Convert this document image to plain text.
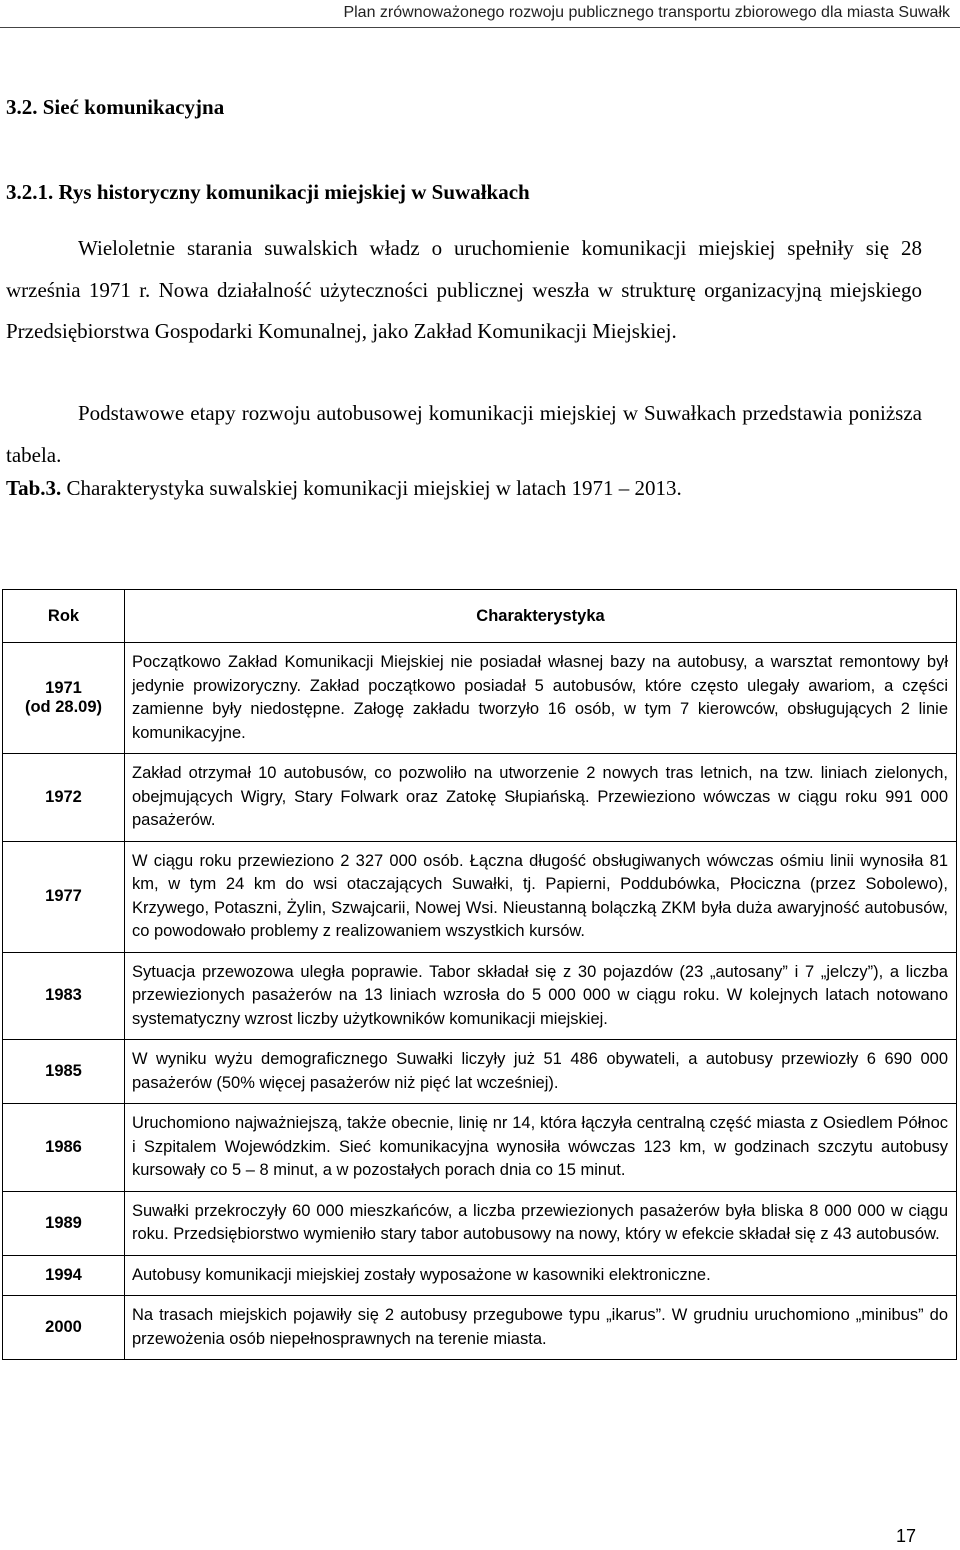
Plan zrównoważonego rozwoju publicznego transportu zbiorowego dla miasta Suwałk
3.2. Sieć komunikacyjna
3.2.1. Rys historyczny komunikacji miejskiej w Suwałkach

Wieloletnie starania suwalskich władz o uruchomienie komunikacji miejskiej spełniły się 28 września 1971 r. Nowa działalność użyteczności publicznej weszła w strukturę organizacyjną miejskiego Przedsiębiorstwa Gospodarki Komunalnej, jako Zakład Komunikacji Miejskiej.

Podstawowe etapy rozwoju autobusowej komunikacji miejskiej w Suwałkach przedstawia poniższa tabela.

Tab.3. Charakterystyka suwalskiej komunikacji miejskiej w latach 1971 – 2013.

Rok	Charakterystyka
1971
(od 28.09)	Początkowo Zakład Komunikacji Miejskiej nie posiadał własnej bazy na autobusy, a warsztat remontowy był jedynie prowizoryczny. Zakład początkowo posiadał 5 autobusów, które często ulegały awariom, a części zamienne były niedostępne. Załogę zakładu tworzyło 16 osób, w tym 7 kierowców, obsługujących 2 linie komunikacyjne.
1972	Zakład otrzymał 10 autobusów, co pozwoliło na utworzenie 2 nowych tras letnich, na tzw. liniach zielonych, obejmujących Wigry, Stary Folwark oraz Zatokę Słupiańską. Przewieziono wówczas w ciągu roku 991 000 pasażerów.
1977	W ciągu roku przewieziono 2 327 000 osób. Łączna długość obsługiwanych wówczas ośmiu linii wynosiła 81 km, w tym 24 km do wsi otaczających Suwałki, tj. Papierni, Poddubówka, Płociczna (przez Sobolewo), Krzywego, Potaszni, Żylin, Szwajcarii, Nowej Wsi. Nieustanną bolączką ZKM była duża awaryjność autobusów, co powodowało problemy z realizowaniem wszystkich kursów.
1983	Sytuacja przewozowa uległa poprawie. Tabor składał się z 30 pojazdów (23 „autosany” i 7 „jelczy”), a liczba przewiezionych pasażerów na 13 liniach wzrosła do 5 000 000 w ciągu roku. W kolejnych latach notowano systematyczny wzrost liczby użytkowników komunikacji miejskiej.
1985	W wyniku wyżu demograficznego Suwałki liczyły już 51 486 obywateli, a autobusy przewiozły 6 690 000 pasażerów (50% więcej pasażerów niż pięć lat wcześniej).
1986	Uruchomiono najważniejszą, także obecnie, linię nr 14, która łączyła centralną część miasta z Osiedlem Północ i Szpitalem Wojewódzkim. Sieć komunikacyjna wynosiła wówczas 123 km, w godzinach szczytu autobusy kursowały co 5 – 8 minut, a w pozostałych porach dnia co 15 minut.
1989	Suwałki przekroczyły 60 000 mieszkańców, a liczba przewiezionych pasażerów była bliska 8 000 000 w ciągu roku. Przedsiębiorstwo wymieniło stary tabor autobusowy na nowy, który w efekcie składał się z 43 autobusów.
1994	Autobusy komunikacji miejskiej zostały wyposażone w kasowniki elektroniczne.
2000	Na trasach miejskich pojawiły się 2 autobusy przegubowe typu „ikarus”. W grudniu uruchomiono „minibus” do przewożenia osób niepełnosprawnych na terenie miasta.
17
